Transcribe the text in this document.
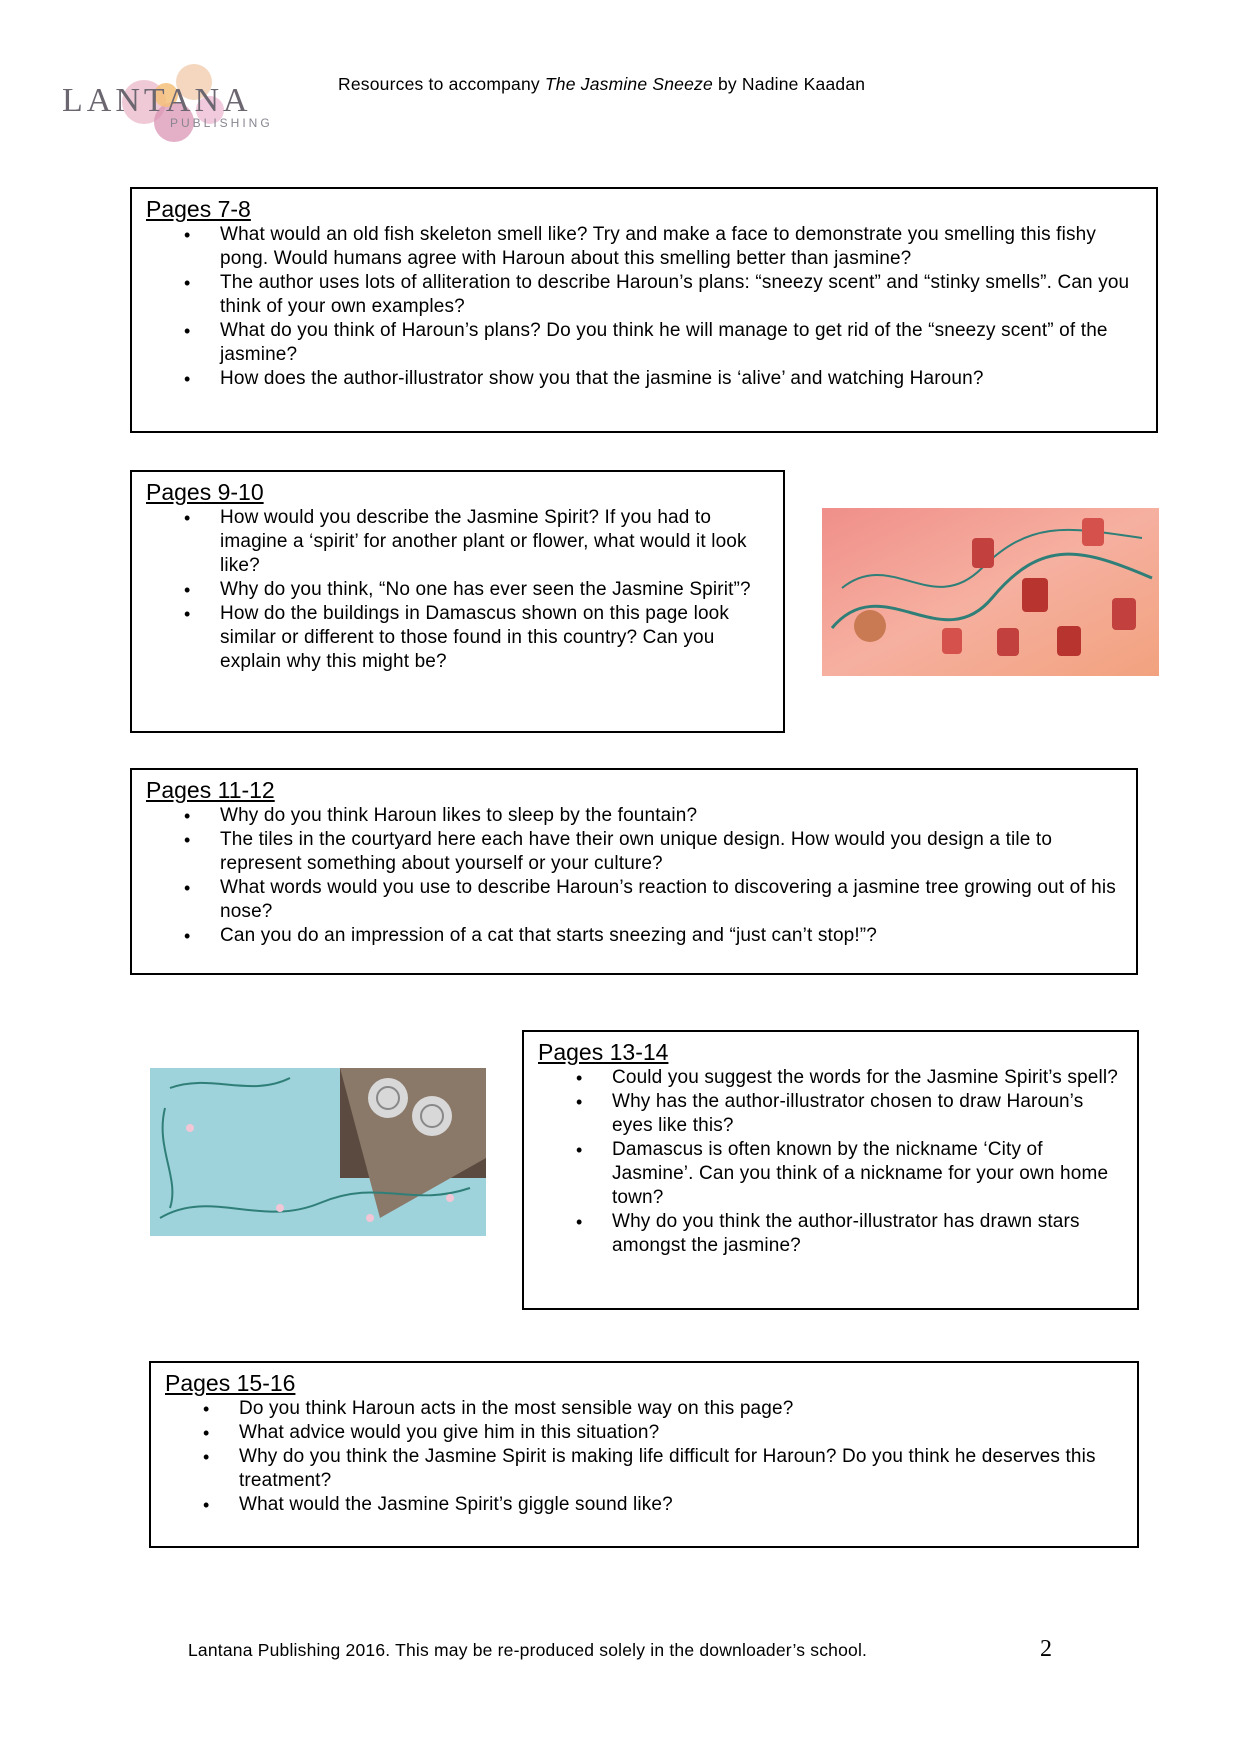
LANTANA
PUBLISHING
Resources to accompany The Jasmine Sneeze by Nadine Kaadan
Pages 7-8
• What would an old fish skeleton smell like? Try and make a face to demonstrate you smelling this fishy pong. Would humans agree with Haroun about this smelling better than jasmine?
• The author uses lots of alliteration to describe Haroun’s plans: “sneezy scent” and “stinky smells”. Can you think of your own examples?
• What do you think of Haroun’s plans? Do you think he will manage to get rid of the “sneezy scent” of the jasmine?
• How does the author-illustrator show you that the jasmine is ‘alive’ and watching Haroun?
Pages 9-10
• How would you describe the Jasmine Spirit? If you had to imagine a ‘spirit’ for another plant or flower, what would it look like?
• Why do you think, “No one has ever seen the Jasmine Spirit”?
• How do the buildings in Damascus shown on this page look similar or different to those found in this country? Can you explain why this might be?
Pages 11-12
• Why do you think Haroun likes to sleep by the fountain?
• The tiles in the courtyard here each have their own unique design. How would you design a tile to represent something about yourself or your culture?
• What words would you use to describe Haroun’s reaction to discovering a jasmine tree growing out of his nose?
• Can you do an impression of a cat that starts sneezing and “just can’t stop!”?
Pages 13-14
• Could you suggest the words for the Jasmine Spirit’s spell?
• Why has the author-illustrator chosen to draw Haroun’s eyes like this?
• Damascus is often known by the nickname ‘City of Jasmine’. Can you think of a nickname for your own home town?
• Why do you think the author-illustrator has drawn stars amongst the jasmine?
Pages 15-16
• Do you think Haroun acts in the most sensible way on this page?
• What advice would you give him in this situation?
• Why do you think the Jasmine Spirit is making life difficult for Haroun? Do you think he deserves this treatment?
• What would the Jasmine Spirit’s giggle sound like?
Lantana Publishing 2016. This may be re-produced solely in the downloader’s school.	2
